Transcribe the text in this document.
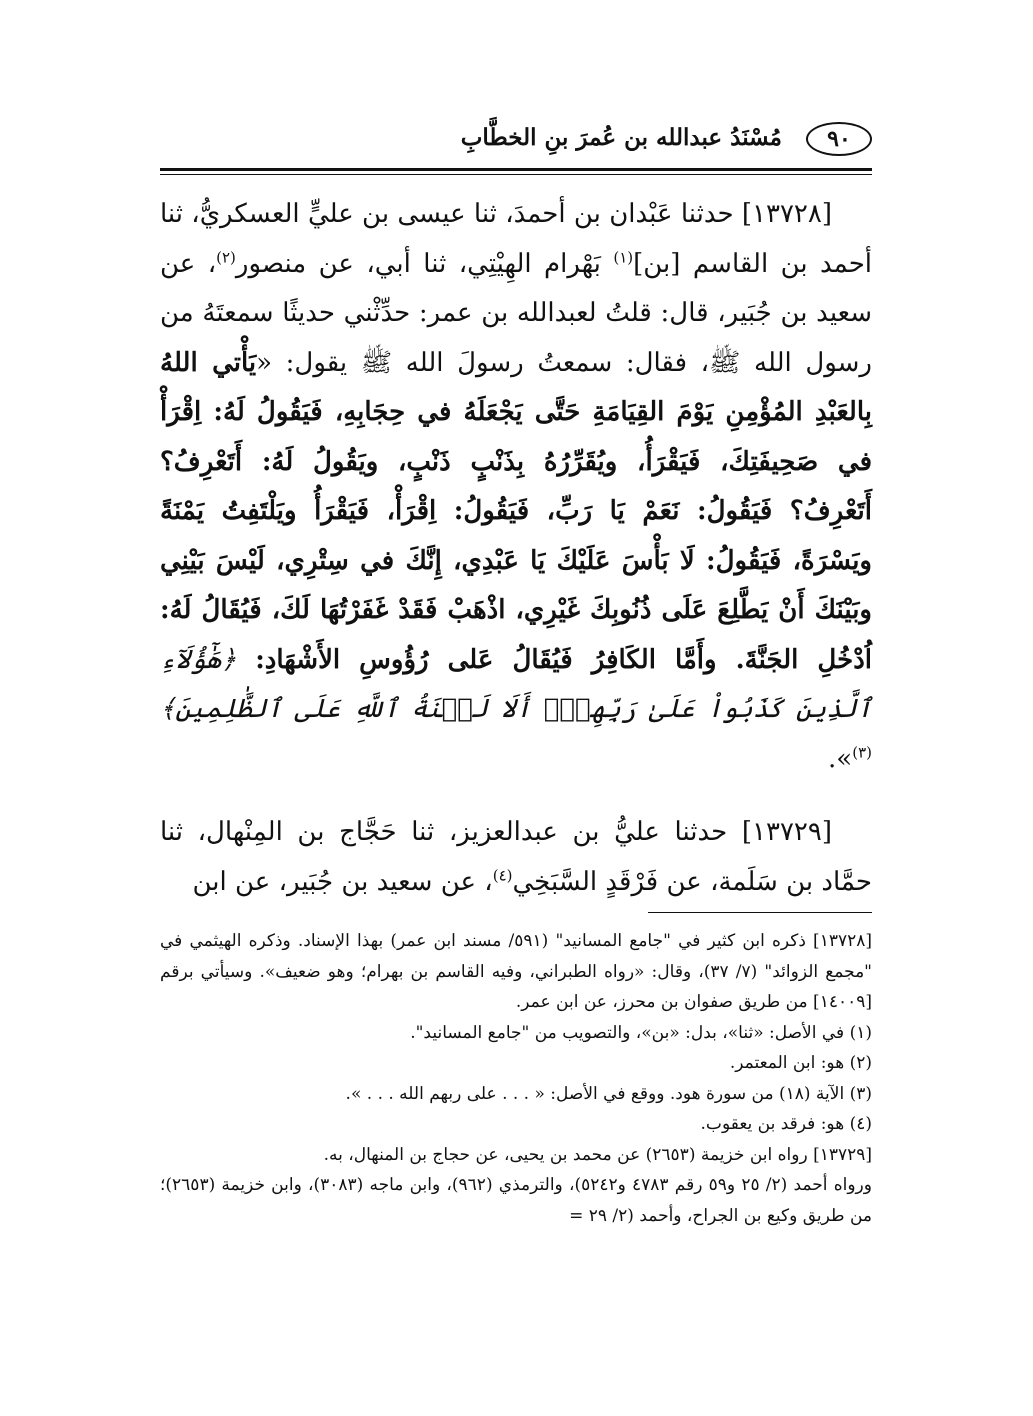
٩٠
مُسْنَدُ عبدالله بن عُمرَ بنِ الخطَّابِ

[١٣٧٢٨] حدثنا عَبْدان بن أحمدَ، ثنا عيسى بن عليٍّ العسكريُّ، ثنا أحمد بن القاسم [بن]$^{(١)}$ بَهْرام الهِيْتِي، ثنا أبي، عن منصور$^{(٢)}$، عن سعيد بن جُبَير، قال: قلتُ لعبدالله بن عمر: حدِّثْني حديثًا سمعتَهُ من رسول الله ﷺ، فقال: سمعتُ رسولَ الله ﷺ يقول: «يَأْتي اللهُ بِالعَبْدِ المُؤْمِنِ يَوْمَ القِيَامَةِ حَتَّى يَجْعَلَهُ في حِجَابِهِ، فَيَقُولُ لَهُ: اِقْرَأْ في صَحِيفَتِكَ، فَيَقْرَأُ، ويُقَرِّرُهُ بِذَنْبٍ ذَنْبٍ، ويَقُولُ لَهُ: أَتَعْرِفُ؟ أَتَعْرِفُ؟ فَيَقُولُ: نَعَمْ يَا رَبِّ، فَيَقُولُ: اِقْرَأْ، فَيَقْرَأُ ويَلْتَفِتُ يَمْنَةً ويَسْرَةً، فَيَقُولُ: لَا بَأْسَ عَلَيْكَ يَا عَبْدِي، إِنَّكَ في سِتْرِي، لَيْسَ بَيْنِي وبَيْنَكَ أَنْ يَطَّلِعَ عَلَى ذُنُوبِكَ غَيْرِي، اذْهَبْ فَقَدْ غَفَرْتُهَا لَكَ، فَيُقَالُ لَهُ: اُدْخُلِ الجَنَّةَ. وأَمَّا الكَافِرُ فَيُقَالُ عَلى رُؤُوسِ الأَشْهَادِ: ﴿هَٰٓؤُلَآءِ ٱلَّذِينَ كَذَبُواْ عَلَىٰ رَبِّهِمْۚ أَلَا لَعۡنَةُ ٱللَّهِ عَلَى ٱلظَّٰلِمِينَ﴾$^{(٣)}$».

[١٣٧٢٩] حدثنا عليُّ بن عبدالعزيز، ثنا حَجَّاج بن المِنْهال، ثنا حمَّاد بن سَلَمة، عن فَرْقَدٍ السَّبَخِي$^{(٤)}$، عن سعيد بن جُبَير، عن ابن

[١٣٧٢٨] ذكره ابن كثير في "جامع المسانيد" (٥٩١/ مسند ابن عمر) بهذا الإسناد. وذكره الهيثمي في "مجمع الزوائد" (٧/ ٣٧)، وقال: «رواه الطبراني، وفيه القاسم بن بهرام؛ وهو ضعيف». وسيأتي برقم [١٤٠٠٩] من طريق صفوان بن محرز، عن ابن عمر.

(١) في الأصل: «ثنا»، بدل: «بن»، والتصويب من "جامع المسانيد".

(٢) هو: ابن المعتمر.

(٣) الآية (١٨) من سورة هود. ووقع في الأصل: « . . . على ربهم الله . . . ».

(٤) هو: فرقد بن يعقوب.

[١٣٧٢٩] رواه ابن خزيمة (٢٦٥٣) عن محمد بن يحيى، عن حجاج بن المنهال، به.

ورواه أحمد (٢/ ٢٥ و٥٩ رقم ٤٧٨٣ و٥٢٤٢)، والترمذي (٩٦٢)، وابن ماجه (٣٠٨٣)، وابن خزيمة (٢٦٥٣)؛ من طريق وكيع بن الجراح، وأحمد (٢/ ٢٩ =
